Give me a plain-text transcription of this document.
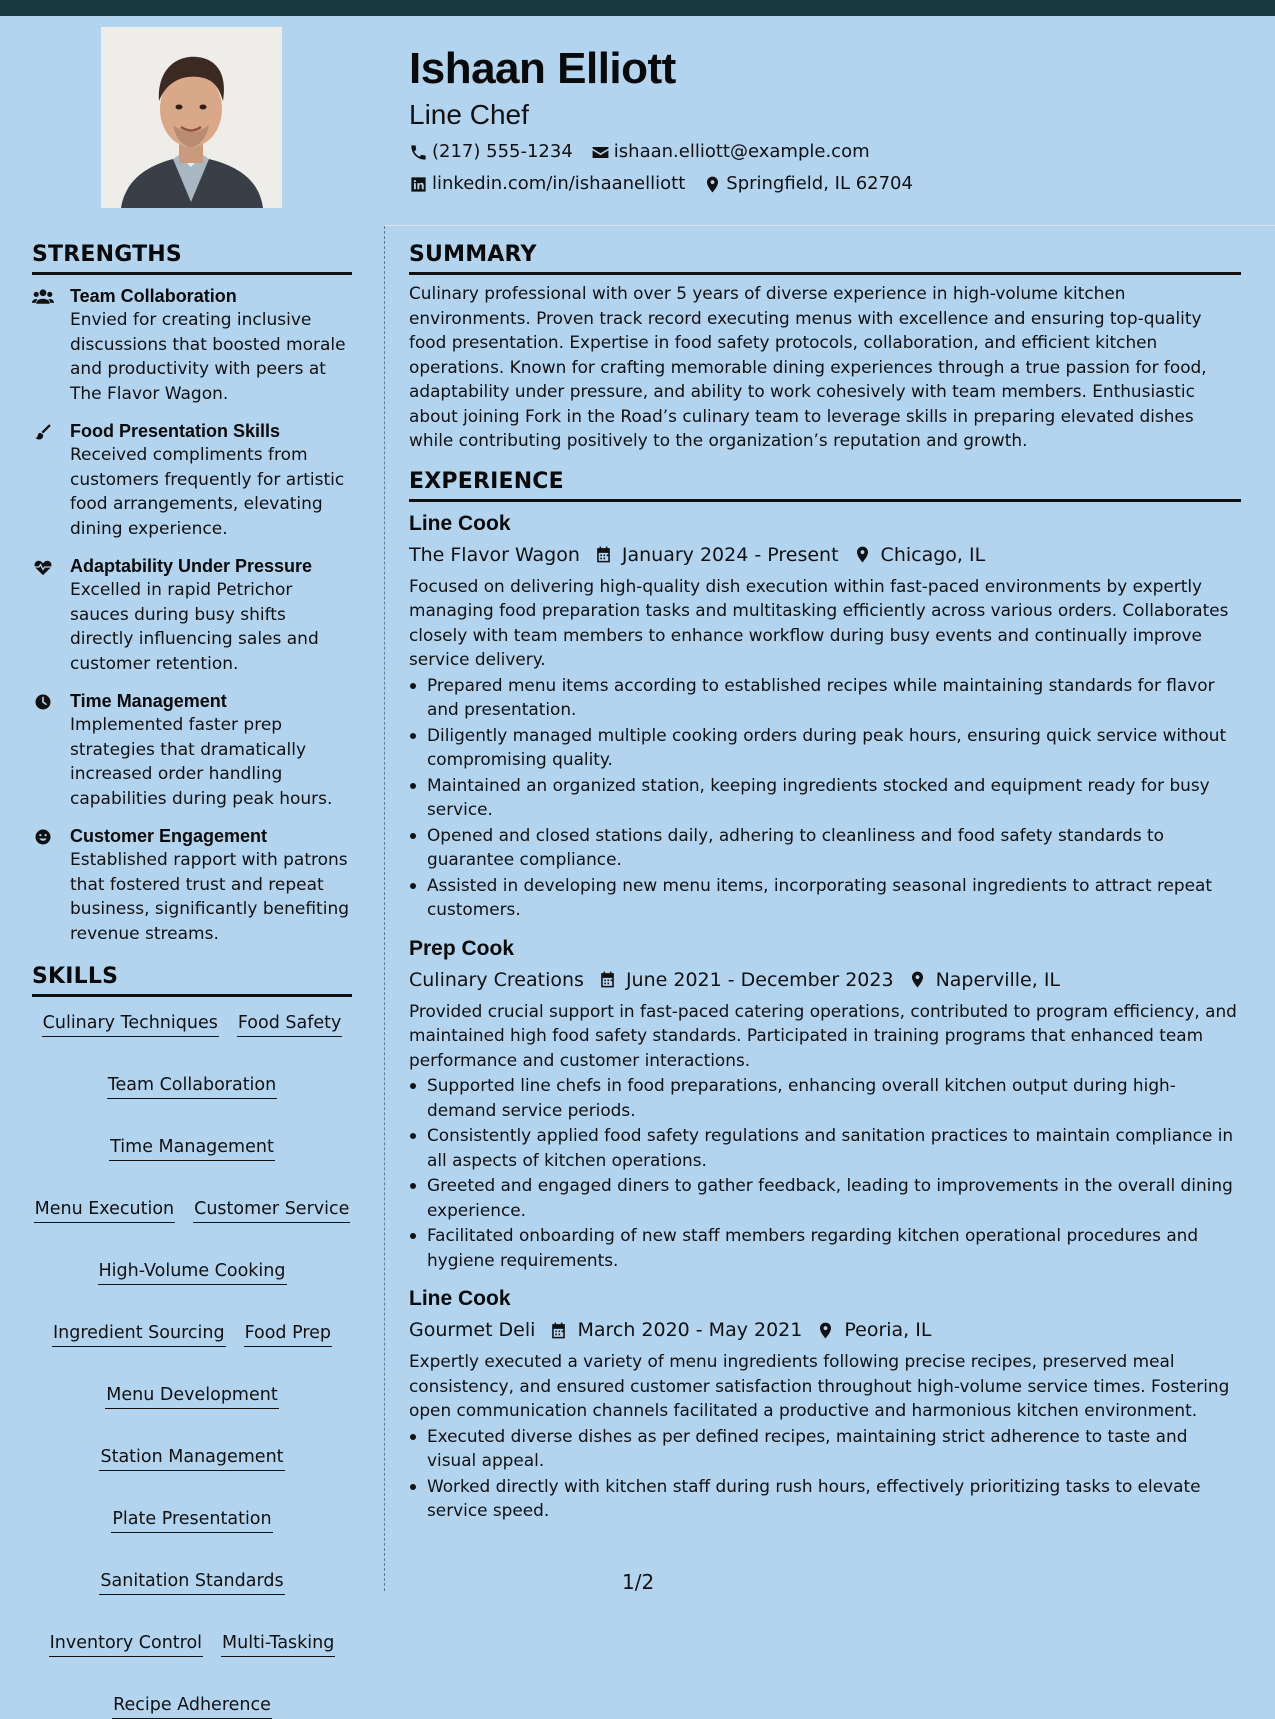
Ishaan Elliott
Line Chef
(217) 555-1234 ishaan.elliott@example.com
linkedin.com/in/ishaanelliott Springfield, IL 62704
STRENGTHS
Team Collaboration
Envied for creating inclusive discussions that boosted morale and productivity with peers at The Flavor Wagon.
Food Presentation Skills
Received compliments from customers frequently for artistic food arrangements, elevating dining experience.
Adaptability Under Pressure
Excelled in rapid Petrichor sauces during busy shifts directly influencing sales and customer retention.
Time Management
Implemented faster prep strategies that dramatically increased order handling capabilities during peak hours.
Customer Engagement
Established rapport with patrons that fostered trust and repeat business, significantly benefiting revenue streams.
SKILLS
Culinary Techniques Food Safety
Team Collaboration
Time Management
Menu Execution Customer Service
High-Volume Cooking
Ingredient Sourcing Food Prep
Menu Development
Station Management
Plate Presentation
Sanitation Standards
Inventory Control Multi-Tasking
Recipe Adherence
SUMMARY
Culinary professional with over 5 years of diverse experience in high-volume kitchen environments. Proven track record executing menus with excellence and ensuring top-quality food presentation. Expertise in food safety protocols, collaboration, and efficient kitchen operations. Known for crafting memorable dining experiences through a true passion for food, adaptability under pressure, and ability to work cohesively with team members. Enthusiastic about joining Fork in the Road’s culinary team to leverage skills in preparing elevated dishes while contributing positively to the organization’s reputation and growth.
EXPERIENCE
Line Cook
The Flavor Wagon January 2024 - Present Chicago, IL
Focused on delivering high-quality dish execution within fast-paced environments by expertly managing food preparation tasks and multitasking efficiently across various orders. Collaborates closely with team members to enhance workflow during busy events and continually improve service delivery.
Prepared menu items according to established recipes while maintaining standards for flavor and presentation.
Diligently managed multiple cooking orders during peak hours, ensuring quick service without compromising quality.
Maintained an organized station, keeping ingredients stocked and equipment ready for busy service.
Opened and closed stations daily, adhering to cleanliness and food safety standards to guarantee compliance.
Assisted in developing new menu items, incorporating seasonal ingredients to attract repeat customers.
Prep Cook
Culinary Creations June 2021 - December 2023 Naperville, IL
Provided crucial support in fast-paced catering operations, contributed to program efficiency, and maintained high food safety standards. Participated in training programs that enhanced team performance and customer interactions.
Supported line chefs in food preparations, enhancing overall kitchen output during high-demand service periods.
Consistently applied food safety regulations and sanitation practices to maintain compliance in all aspects of kitchen operations.
Greeted and engaged diners to gather feedback, leading to improvements in the overall dining experience.
Facilitated onboarding of new staff members regarding kitchen operational procedures and hygiene requirements.
Line Cook
Gourmet Deli March 2020 - May 2021 Peoria, IL
Expertly executed a variety of menu ingredients following precise recipes, preserved meal consistency, and ensured customer satisfaction throughout high-volume service times. Fostering open communication channels facilitated a productive and harmonious kitchen environment.
Executed diverse dishes as per defined recipes, maintaining strict adherence to taste and visual appeal.
Worked directly with kitchen staff during rush hours, effectively prioritizing tasks to elevate service speed.
1/2
